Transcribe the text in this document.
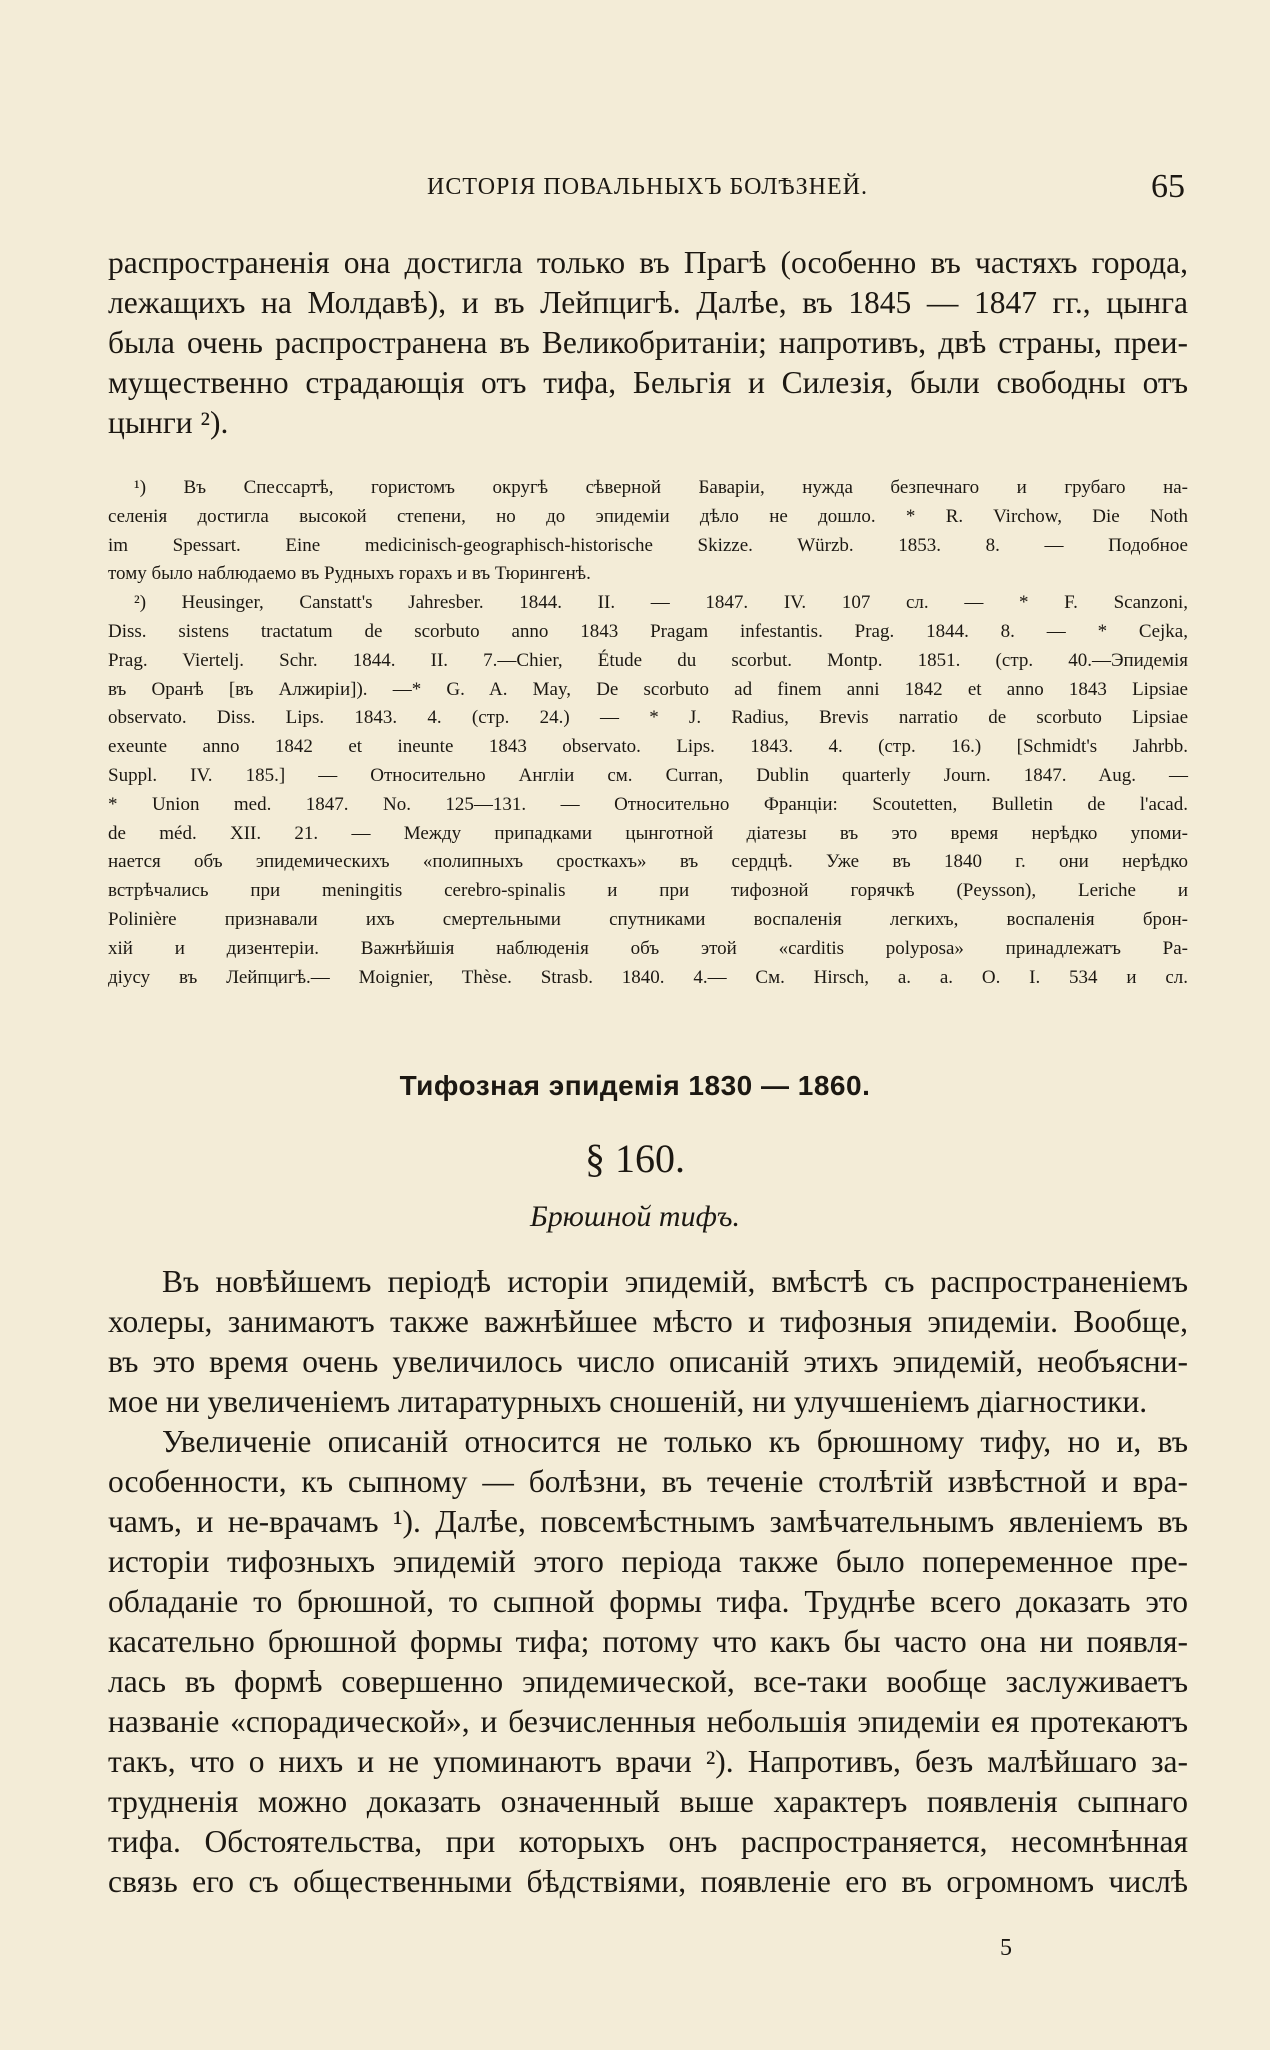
ИСТОРІЯ ПОВАЛЬНЫХЪ БОЛѢЗНЕЙ.	65

распространенія она достигла только въ Прагѣ (особенно въ частяхъ города,
лежащихъ на Молдавѣ), и въ Лейпцигѣ. Далѣе, въ 1845 — 1847 гг., цынга
была очень распространена въ Великобританіи; напротивъ, двѣ страны, преи-
мущественно страдающія отъ тифа, Бельгія и Силезія, были свободны отъ
цынги ²).

¹) Въ Спессартѣ, гористомъ округѣ сѣверной Баваріи, нужда безпечнаго и грубаго на-
селенія достигла высокой степени, но до эпидеміи дѣло не дошло. * R. Virchow, Die Noth
im Spessart. Eine medicinisch-geographisch-historische Skizze. Würzb. 1853. 8. — Подобное
тому было наблюдаемо въ Рудныхъ горахъ и въ Тюрингенѣ.

²) Heusinger, Canstatt's Jahresber. 1844. II. — 1847. IV. 107 сл. — * F. Scanzoni,
Diss. sistens tractatum de scorbuto anno 1843 Pragam infestantis. Prag. 1844. 8. — * Cejka,
Prag. Viertelj. Schr. 1844. II. 7.—Chier, Étude du scorbut. Montp. 1851. (стр. 40.—Эпидемія
въ Оранѣ [въ Алжиріи]). —* G. A. May, De scorbuto ad finem anni 1842 et anno 1843 Lipsiae
observato. Diss. Lips. 1843. 4. (стр. 24.) — * J. Radius, Brevis narratio de scorbuto Lipsiae
exeunte anno 1842 et ineunte 1843 observato. Lips. 1843. 4. (стр. 16.) [Schmidt's Jahrbb.
Suppl. IV. 185.] — Относительно Англіи см. Curran, Dublin quarterly Journ. 1847. Aug. —
* Union med. 1847. No. 125—131. — Относительно Франціи: Scoutetten, Bulletin de l'acad.
de méd. XII. 21. — Между припадками цынготной діатезы въ это время нерѣдко упоми-
нается объ эпидемическихъ «полипныхъ сросткахъ» въ сердцѣ. Уже въ 1840 г. они нерѣдко
встрѣчались при meningitis cerebro-spinalis и при тифозной горячкѣ (Peysson), Leriche и
Polinière признавали ихъ смертельными спутниками воспаленія легкихъ, воспаленія брон-
хій и дизентеріи. Важнѣйшія наблюденія объ этой «carditis polyposa» принадлежатъ Ра-
діусу въ Лейпцигѣ.— Moignier, Thèse. Strasb. 1840. 4.— См. Hirsch, a. a. O. I. 534 и сл.

Тифозная эпидемія 1830 — 1860.
§ 160.
Брюшной тифъ.

Въ новѣйшемъ періодѣ исторіи эпидемій, вмѣстѣ съ распространеніемъ
холеры, занимаютъ также важнѣйшее мѣсто и тифозныя эпидеміи. Вообще,
въ это время очень увеличилось число описаній этихъ эпидемій, необъясни-
мое ни увеличеніемъ литаратурныхъ сношеній, ни улучшеніемъ діагностики.

Увеличеніе описаній относится не только къ брюшному тифу, но и, въ
особенности, къ сыпному — болѣзни, въ теченіе столѣтій извѣстной и вра-
чамъ, и не-врачамъ ¹). Далѣе, повсемѣстнымъ замѣчательнымъ явленіемъ въ
исторіи тифозныхъ эпидемій этого періода также было попеременное пре-
обладаніе то брюшной, то сыпной формы тифа. Труднѣе всего доказать это
касательно брюшной формы тифа; потому что какъ бы часто она ни появля-
лась въ формѣ совершенно эпидемической, все-таки вообще заслуживаетъ
названіе «спорадической», и безчисленныя небольшія эпидеміи ея протекаютъ
такъ, что о нихъ и не упоминаютъ врачи ²). Напротивъ, безъ малѣйшаго за-
трудненія можно доказать означенный выше характеръ появленія сыпнаго
тифа. Обстоятельства, при которыхъ онъ распространяется, несомнѣнная
связь его съ общественными бѣдствіями, появленіе его въ огромномъ числѣ

5
